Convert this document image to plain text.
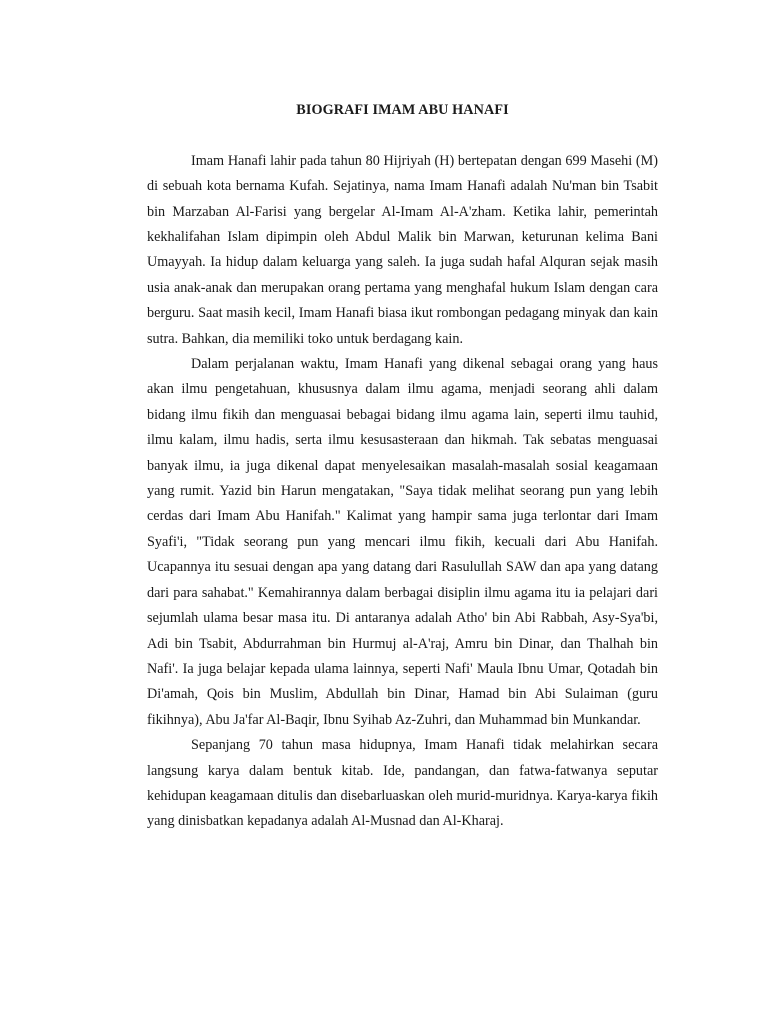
BIOGRAFI IMAM ABU HANAFI

Imam Hanafi lahir pada tahun 80 Hijriyah (H) bertepatan dengan 699 Masehi (M) di sebuah kota bernama Kufah. Sejatinya, nama Imam Hanafi adalah Nu'man bin Tsabit bin Marzaban Al-Farisi yang bergelar Al-Imam Al-A'zham. Ketika lahir, pemerintah kekhalifahan Islam dipimpin oleh Abdul Malik bin Marwan, keturunan kelima Bani Umayyah. Ia hidup dalam keluarga yang saleh. Ia juga sudah hafal Alquran sejak masih usia anak-anak dan merupakan orang pertama yang menghafal hukum Islam dengan cara berguru. Saat masih kecil, Imam Hanafi biasa ikut rombongan pedagang minyak dan kain sutra. Bahkan, dia memiliki toko untuk berdagang kain.

Dalam perjalanan waktu, Imam Hanafi yang dikenal sebagai orang yang haus akan ilmu pengetahuan, khususnya dalam ilmu agama, menjadi seorang ahli dalam bidang ilmu fikih dan menguasai bebagai bidang ilmu agama lain, seperti ilmu tauhid, ilmu kalam, ilmu hadis, serta ilmu kesusasteraan dan hikmah. Tak sebatas menguasai banyak ilmu, ia juga dikenal dapat menyelesaikan masalah-masalah sosial keagamaan yang rumit. Yazid bin Harun mengatakan, "Saya tidak melihat seorang pun yang lebih cerdas dari Imam Abu Hanifah." Kalimat yang hampir sama juga terlontar dari Imam Syafi'i, "Tidak seorang pun yang mencari ilmu fikih, kecuali dari Abu Hanifah. Ucapannya itu sesuai dengan apa yang datang dari Rasulullah SAW dan apa yang datang dari para sahabat." Kemahirannya dalam berbagai disiplin ilmu agama itu ia pelajari dari sejumlah ulama besar masa itu. Di antaranya adalah Atho' bin Abi Rabbah, Asy-Sya'bi, Adi bin Tsabit, Abdurrahman bin Hurmuj al-A'raj, Amru bin Dinar, dan Thalhah bin Nafi'. Ia juga belajar kepada ulama lainnya, seperti Nafi' Maula Ibnu Umar, Qotadah bin Di'amah, Qois bin Muslim, Abdullah bin Dinar, Hamad bin Abi Sulaiman (guru fikihnya), Abu Ja'far Al-Baqir, Ibnu Syihab Az-Zuhri, dan Muhammad bin Munkandar.

Sepanjang 70 tahun masa hidupnya, Imam Hanafi tidak melahirkan secara langsung karya dalam bentuk kitab. Ide, pandangan, dan fatwa-fatwanya seputar kehidupan keagamaan ditulis dan disebarluaskan oleh murid-muridnya. Karya-karya fikih yang dinisbatkan kepadanya adalah Al-Musnad dan Al-Kharaj.
